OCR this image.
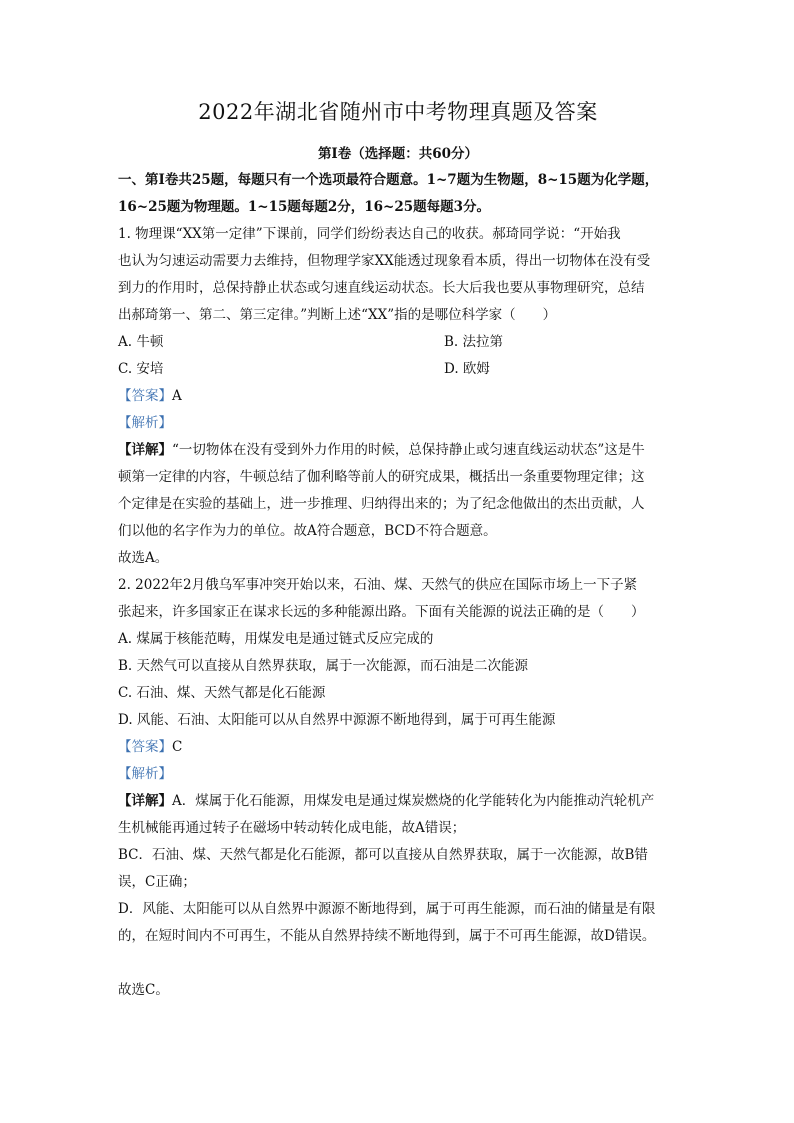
2022年湖北省随州市中考物理真题及答案
第Ⅰ卷（选择题：共60分）
一、第Ⅰ卷共25题，每题只有一个选项最符合题意。1~7题为生物题，8~15题为化学题，
16~25题为物理题。1~15题每题2分，16~25题每题3分。
1. 物理课“XX第一定律”下课前，同学们纷纷表达自己的收获。郝琦同学说：“开始我
也认为匀速运动需要力去维持，但物理学家XX能透过现象看本质，得出一切物体在没有受
到力的作用时，总保持静止状态或匀速直线运动状态。长大后我也要从事物理研究，总结
出郝琦第一、第二、第三定律。”判断上述“XX”指的是哪位科学家（　　）
A. 牛顿	B. 法拉第
C. 安培	D. 欧姆
【答案】A
【解析】
【详解】“一切物体在没有受到外力作用的时候，总保持静止或匀速直线运动状态”这是牛
顿第一定律的内容，牛顿总结了伽利略等前人的研究成果，概括出一条重要物理定律；这
个定律是在实验的基础上，进一步推理、归纳得出来的；为了纪念他做出的杰出贡献，人
们以他的名字作为力的单位。故A符合题意，BCD不符合题意。
故选A。
2. 2022年2月俄乌军事冲突开始以来，石油、煤、天然气的供应在国际市场上一下子紧
张起来，许多国家正在谋求长远的多种能源出路。下面有关能源的说法正确的是（　　）
A. 煤属于核能范畴，用煤发电是通过链式反应完成的
B. 天然气可以直接从自然界获取，属于一次能源，而石油是二次能源
C. 石油、煤、天然气都是化石能源
D. 风能、石油、太阳能可以从自然界中源源不断地得到，属于可再生能源
【答案】C
【解析】
【详解】A．煤属于化石能源，用煤发电是通过煤炭燃烧的化学能转化为内能推动汽轮机产
生机械能再通过转子在磁场中转动转化成电能，故A错误；
BC．石油、煤、天然气都是化石能源，都可以直接从自然界获取，属于一次能源，故B错
误，C正确；
D．风能、太阳能可以从自然界中源源不断地得到，属于可再生能源，而石油的储量是有限
的，在短时间内不可再生，不能从自然界持续不断地得到，属于不可再生能源，故D错误。
故选C。
